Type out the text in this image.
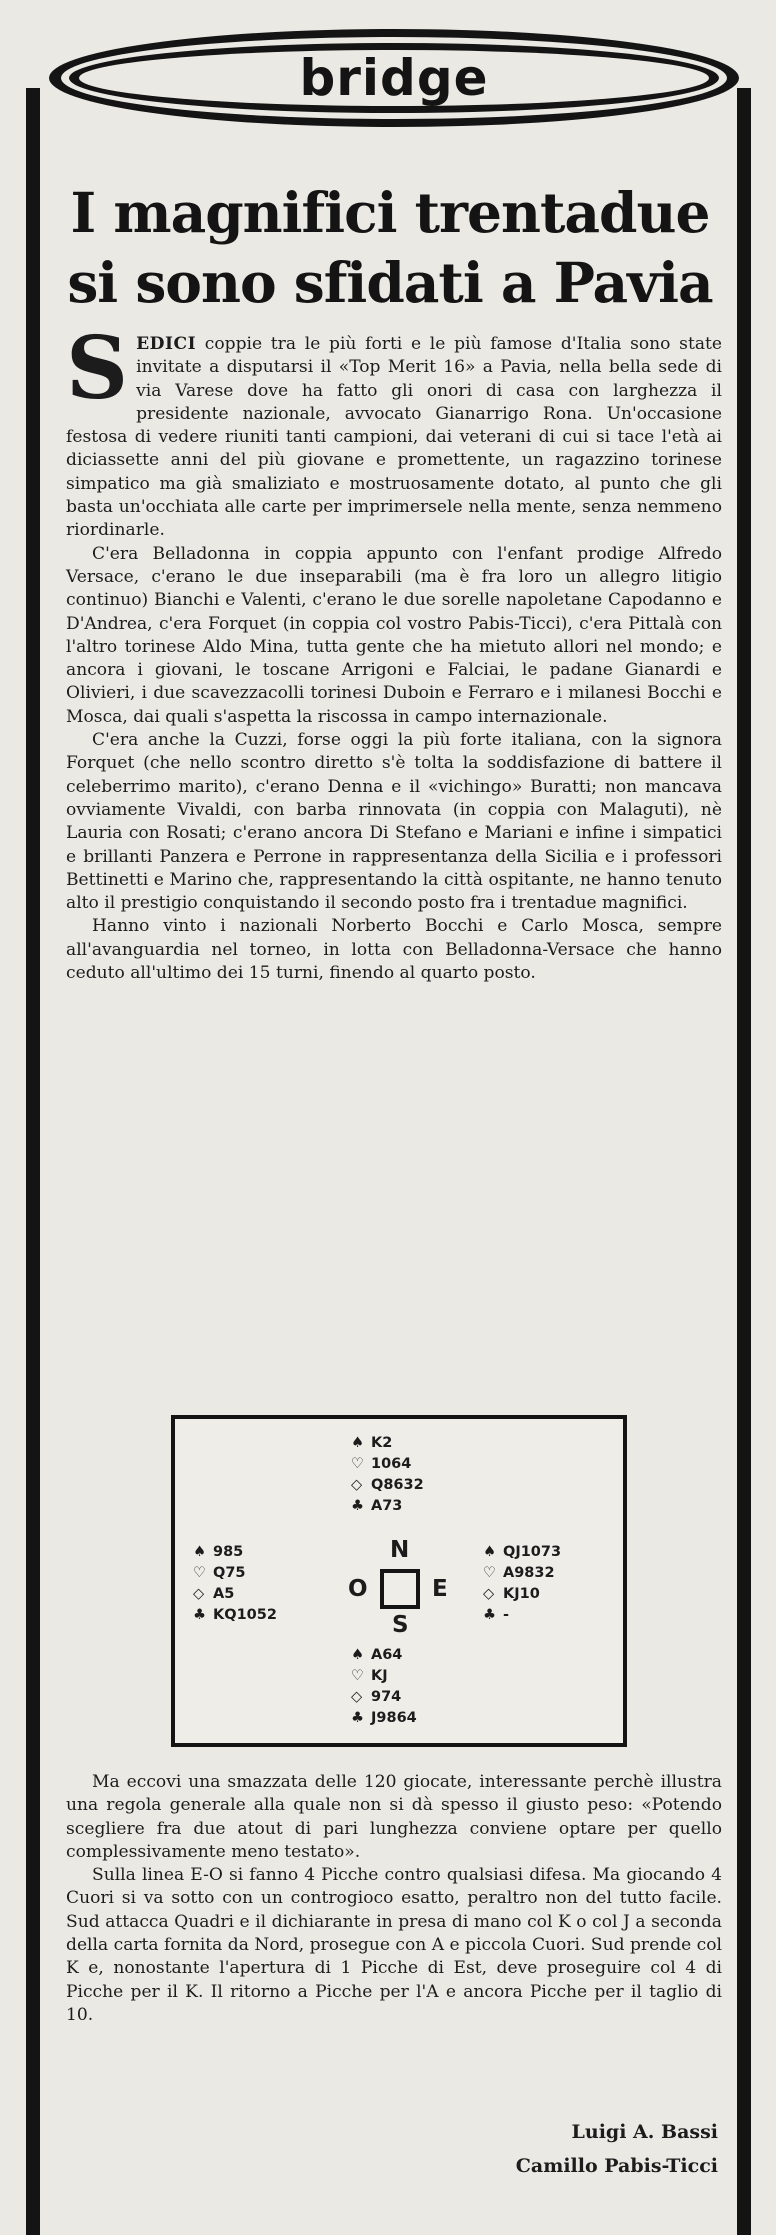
bridge
I magnifici trentadue
si sono sfidati a Pavia

SEDICI coppie tra le più forti e le più famose d'Italia sono state invitate a disputarsi il «Top Merit 16» a Pavia, nella bella sede di via Varese dove ha fatto gli onori di casa con larghezza il presidente nazionale, avvocato Gianarrigo Rona. Un'occasione festosa di vedere riuniti tanti campioni, dai veterani di cui si tace l'età ai diciassette anni del più giovane e promettente, un ragazzino torinese simpatico ma già smaliziato e mostruosamente dotato, al punto che gli basta un'occhiata alle carte per imprimersele nella mente, senza nemmeno riordinarle.

C'era Belladonna in coppia appunto con l'enfant prodige Alfredo Versace, c'erano le due inseparabili (ma è fra loro un allegro litigio continuo) Bianchi e Valenti, c'erano le due sorelle napoletane Capodanno e D'Andrea, c'era Forquet (in coppia col vostro Pabis-Ticci), c'era Pittalà con l'altro torinese Aldo Mina, tutta gente che ha mietuto allori nel mondo; e ancora i giovani, le toscane Arrigoni e Falciai, le padane Gianardi e Olivieri, i due scavezzacolli torinesi Duboin e Ferraro e i milanesi Bocchi e Mosca, dai quali s'aspetta la riscossa in campo internazionale.

C'era anche la Cuzzi, forse oggi la più forte italiana, con la signora Forquet (che nello scontro diretto s'è tolta la soddisfazione di battere il celeberrimo marito), c'erano Denna e il «vichingo» Buratti; non mancava ovviamente Vivaldi, con barba rinnovata (in coppia con Malaguti), nè Lauria con Rosati; c'erano ancora Di Stefano e Mariani e infine i simpatici e brillanti Panzera e Perrone in rappresentanza della Sicilia e i professori Bettinetti e Marino che, rappresentando la città ospitante, ne hanno tenuto alto il prestigio conquistando il secondo posto fra i trentadue magnifici.

Hanno vinto i nazionali Norberto Bocchi e Carlo Mosca, sempre all'avanguardia nel torneo, in lotta con Belladonna-Versace che hanno ceduto all'ultimo dei 15 turni, finendo al quarto posto.

♠ K2
♡ 1064
◇ Q8632
♣ A73
♠ 985
♡ Q75
◇ A5
♣ KQ1052
♠ QJ1073
♡ A9832
◇ KJ10
♣ -
N
O	E
S
♠ A64
♡ KJ
◇ 974
♣ J9864

Ma eccovi una smazzata delle 120 giocate, interessante perchè illustra una regola generale alla quale non si dà spesso il giusto peso: «Potendo scegliere fra due atout di pari lunghezza conviene optare per quello complessivamente meno testato».

Sulla linea E-O si fanno 4 Picche contro qualsiasi difesa. Ma giocando 4 Cuori si va sotto con un controgioco esatto, peraltro non del tutto facile. Sud attacca Quadri e il dichiarante in presa di mano col K o col J a seconda della carta fornita da Nord, prosegue con A e piccola Cuori. Sud prende col K e, nonostante l'apertura di 1 Picche di Est, deve proseguire col 4 di Picche per il K. Il ritorno a Picche per l'A e ancora Picche per il taglio di 10.

Luigi A. Bassi
Camillo Pabis-Ticci
